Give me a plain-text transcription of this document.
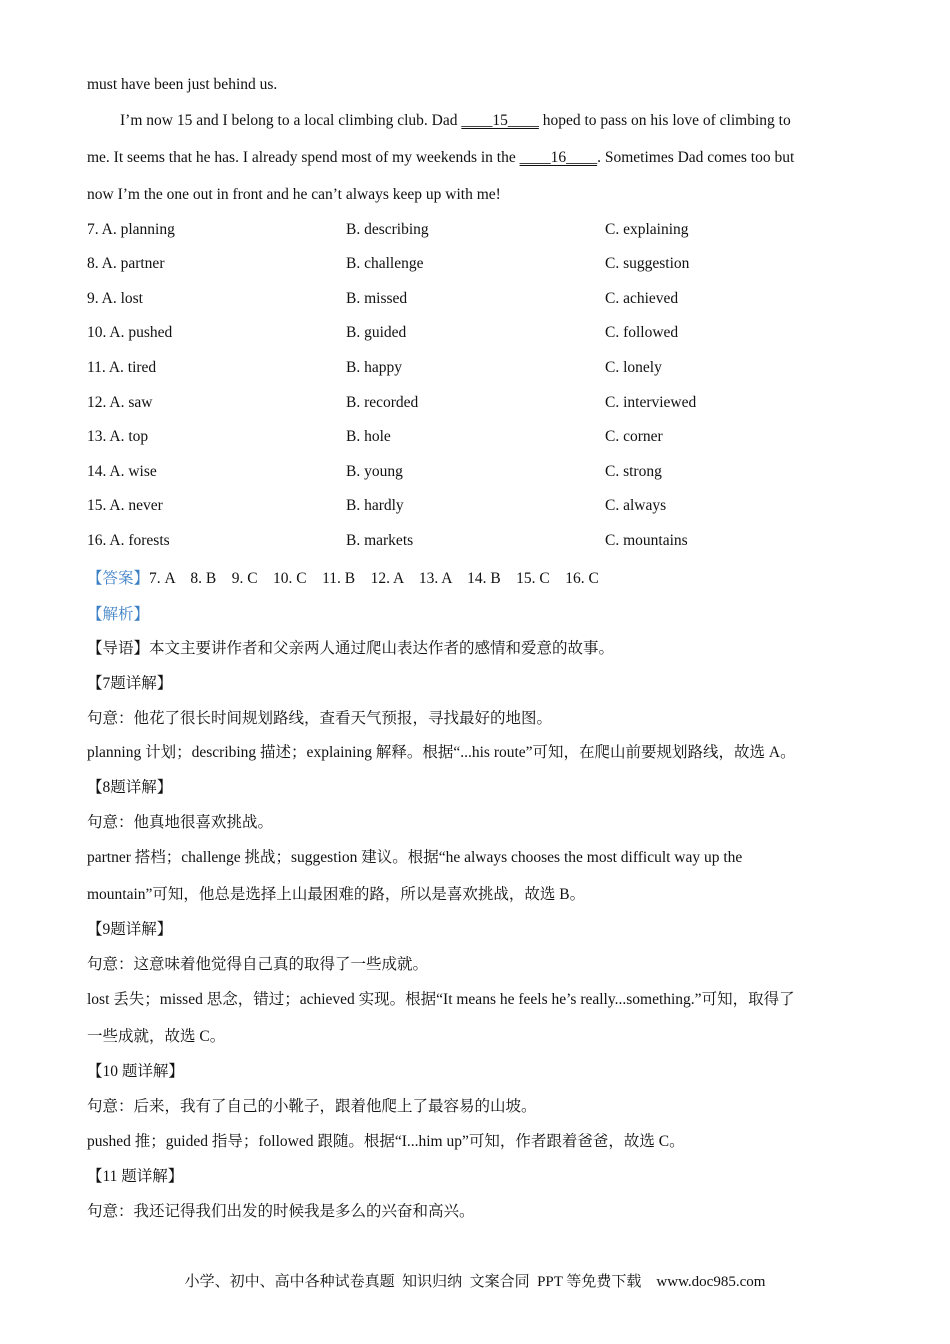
must have been just behind us.
I’m now 15 and I belong to a local climbing club. Dad ____15____ hoped to pass on his love of climbing to
me. It seems that he has. I already spend most of my weekends in the ____16____. Sometimes Dad comes too but
now I’m the one out in front and he can’t always keep up with me!
7. A. planning	B. describing	C. explaining
8. A. partner	B. challenge	C. suggestion
9. A. lost	B. missed	C. achieved
10. A. pushed	B. guided	C. followed
11. A. tired	B. happy	C. lonely
12. A. saw	B. recorded	C. interviewed
13. A. top	B. hole	C. corner
14. A. wise	B. young	C. strong
15. A. never	B. hardly	C. always
16. A. forests	B. markets	C. mountains
【答案】7. A    8. B    9. C    10. C    11. B    12. A    13. A    14. B    15. C    16. C
【解析】
【导语】本文主要讲作者和父亲两人通过爬山表达作者的感情和爱意的故事。
【7题详解】
句意：他花了很长时间规划路线，查看天气预报，寻找最好的地图。
planning 计划；describing 描述；explaining 解释。根据“...his route”可知，在爬山前要规划路线，故选 A。
【8题详解】
句意：他真地很喜欢挑战。
partner 搭档；challenge 挑战；suggestion 建议。根据“he always chooses the most difficult way up the
mountain”可知，他总是选择上山最困难的路，所以是喜欢挑战，故选 B。
【9题详解】
句意：这意味着他觉得自己真的取得了一些成就。
lost 丢失；missed 思念，错过；achieved 实现。根据“It means he feels he’s really...something.”可知，取得了
一些成就，故选 C。
【10 题详解】
句意：后来，我有了自己的小靴子，跟着他爬上了最容易的山坡。
pushed 推；guided 指导；followed 跟随。根据“I...him up”可知，作者跟着爸爸，故选 C。
【11 题详解】
句意：我还记得我们出发的时候我是多么的兴奋和高兴。
小学、初中、高中各种试卷真题  知识归纳  文案合同  PPT 等免费下载    www.doc985.com
